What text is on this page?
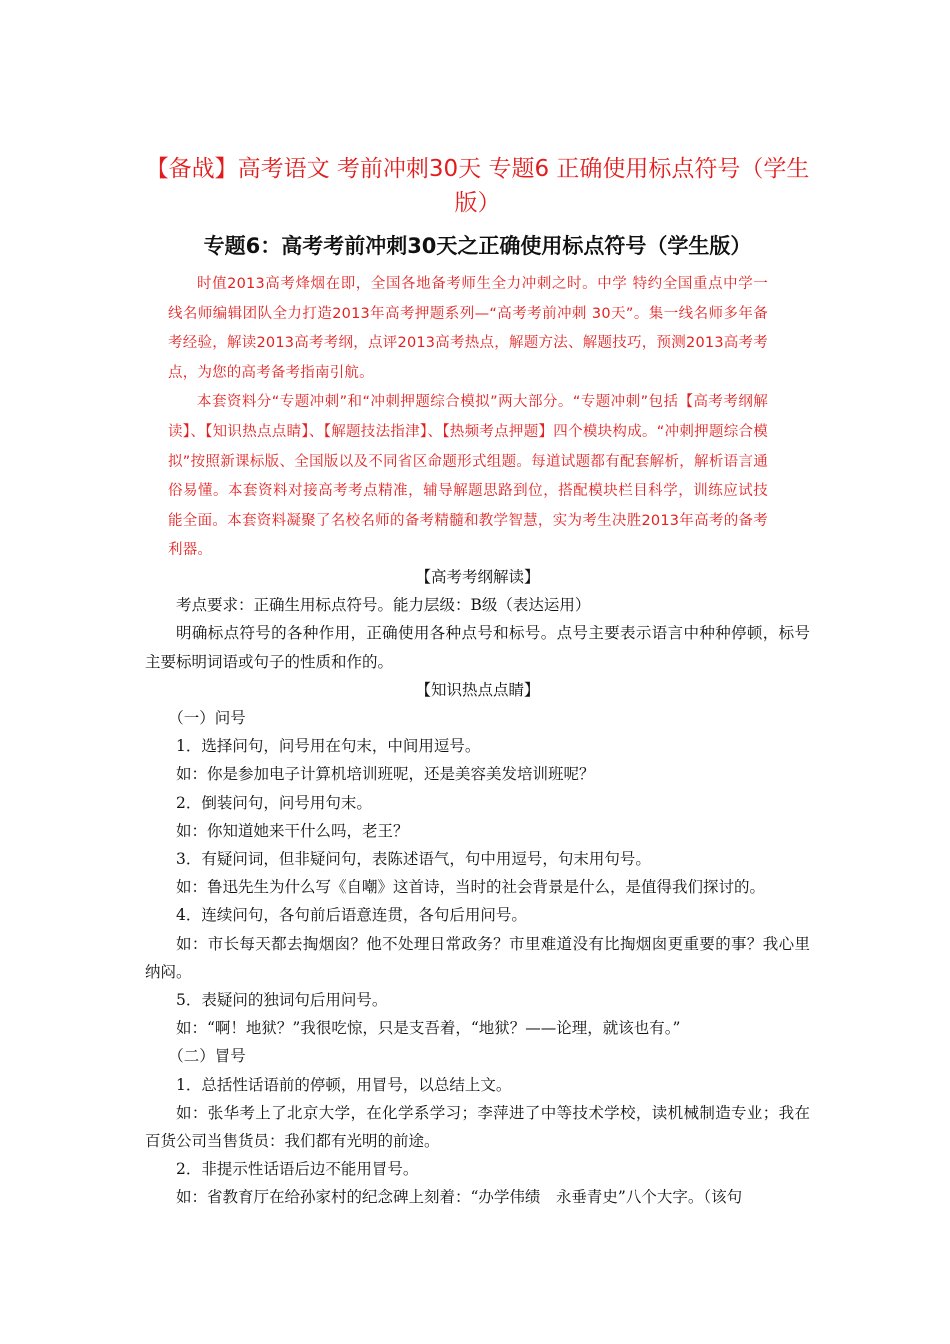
【备战】高考语文 考前冲刺30天 专题6 正确使用标点符号（学生版）
专题6：高考考前冲刺30天之正确使用标点符号（学生版）

时值2013高考烽烟在即，全国各地备考师生全力冲刺之时。中学 特约全国重点中学一线名师编辑团队全力打造2013年高考押题系列—“高考考前冲刺 30天”。集一线名师多年备考经验，解读2013高考考纲，点评2013高考热点，解题方法、解题技巧，预测2013高考考点，为您的高考备考指南引航。

本套资料分“专题冲刺”和“冲刺押题综合模拟”两大部分。“专题冲刺”包括【高考考纲解读】、【知识热点点睛】、【解题技法指津】、【热频考点押题】四个模块构成。“冲刺押题综合模拟”按照新课标版、全国版以及不同省区命题形式组题。每道试题都有配套解析，解析语言通俗易懂。本套资料对接高考考点精准，辅导解题思路到位，搭配模块栏目科学，训练应试技能全面。本套资料凝聚了名校名师的备考精髓和教学智慧，实为考生决胜2013年高考的备考利器。

【高考考纲解读】

考点要求：正确生用标点符号。能力层级：B级（表达运用）

明确标点符号的各种作用，正确使用各种点号和标号。点号主要表示语言中种种停顿，标号主要标明词语或句子的性质和作的。

【知识热点点睛】

（一）问号

1．选择问句，问号用在句末，中间用逗号。

如：你是参加电子计算机培训班呢，还是美容美发培训班呢？

2．倒装问句，问号用句末。

如：你知道她来干什么吗，老王？

3．有疑问词，但非疑问句，表陈述语气，句中用逗号，句末用句号。

如：鲁迅先生为什么写《自嘲》这首诗，当时的社会背景是什么，是值得我们探讨的。

4．连续问句，各句前后语意连贯，各句后用问号。

如：市长每天都去掏烟囱？他不处理日常政务？市里难道没有比掏烟囱更重要的事？我心里纳闷。

5．表疑问的独词句后用问号。

如：“啊！地狱？”我很吃惊，只是支吾着，“地狱？——论理，就该也有。”

（二）冒号

1．总括性话语前的停顿，用冒号，以总结上文。

如：张华考上了北京大学，在化学系学习；李萍进了中等技术学校，读机械制造专业；我在百货公司当售货员：我们都有光明的前途。

2．非提示性话语后边不能用冒号。

如：省教育厅在给孙家村的纪念碑上刻着：“办学伟绩　永垂青史”八个大字。（该句
